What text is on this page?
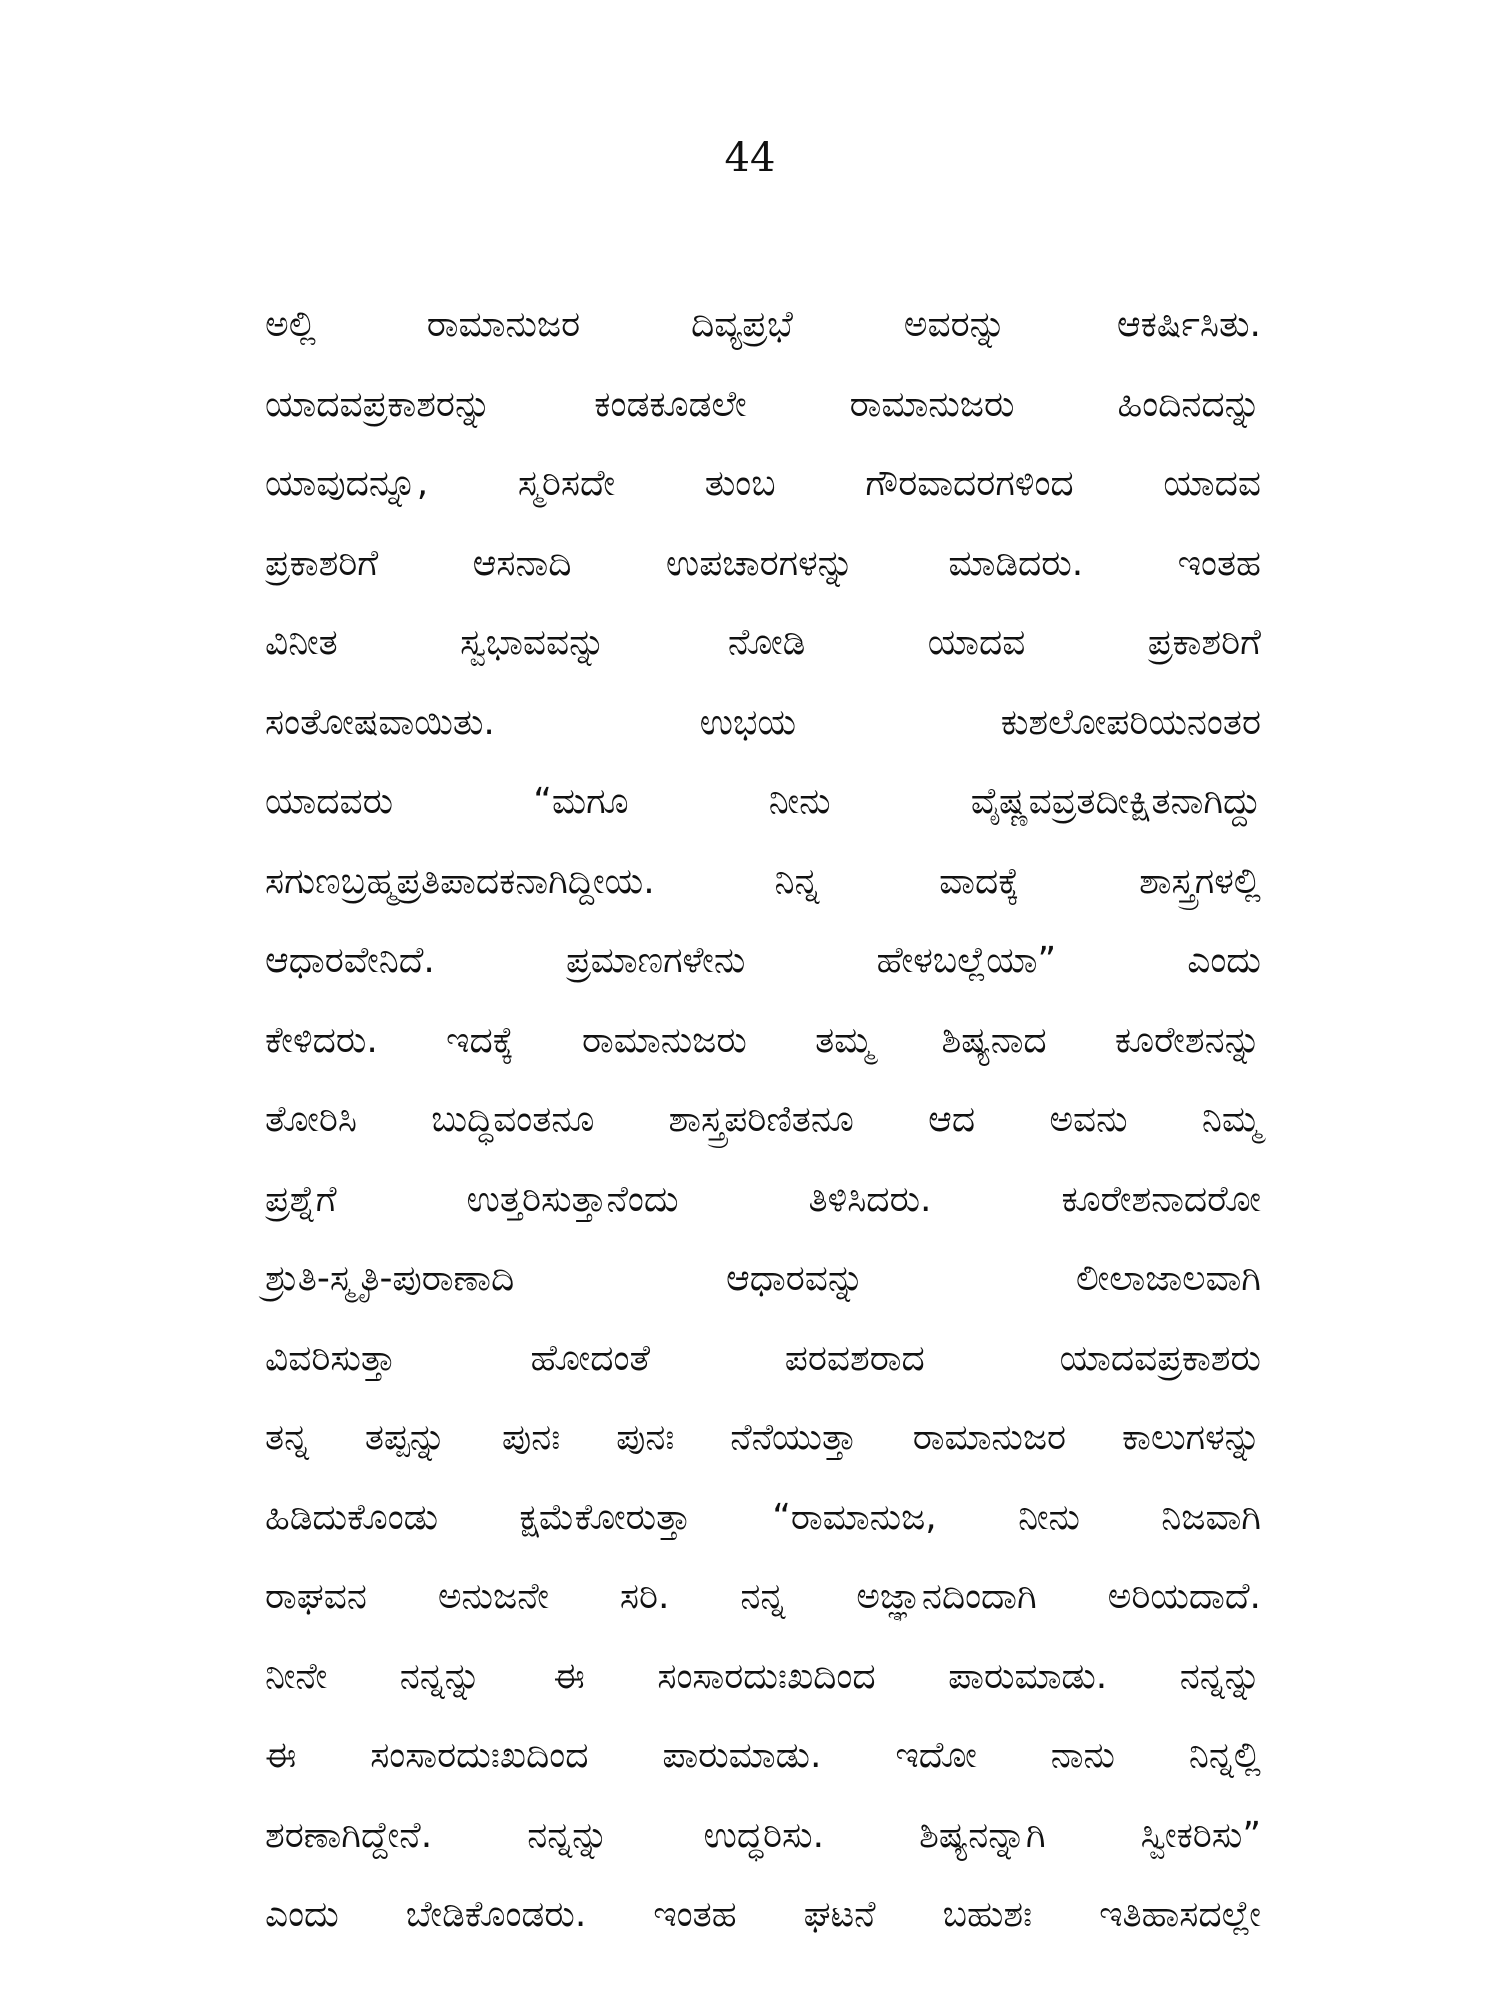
44
ಅಲ್ಲಿ ರಾಮಾನುಜರ ದಿವ್ಯಪ್ರಭೆ ಅವರನ್ನು ಆಕರ್ಷಿಸಿತು.
ಯಾದವಪ್ರಕಾಶರನ್ನು ಕಂಡಕೂಡಲೇ ರಾಮಾನುಜರು ಹಿಂದಿನದನ್ನು
ಯಾವುದನ್ನೂ, ಸ್ಮರಿಸದೇ ತುಂಬ ಗೌರವಾದರಗಳಿಂದ ಯಾದವ
ಪ್ರಕಾಶರಿಗೆ ಆಸನಾದಿ ಉಪಚಾರಗಳನ್ನು ಮಾಡಿದರು. ಇಂತಹ
ವಿನೀತ ಸ್ವಭಾವವನ್ನು ನೋಡಿ ಯಾದವ ಪ್ರಕಾಶರಿಗೆ
ಸಂತೋಷವಾಯಿತು. ಉಭಯ ಕುಶಲೋಪರಿಯನಂತರ
ಯಾದವರು “ಮಗೂ ನೀನು ವೈಷ್ಣವವ್ರತದೀಕ್ಷಿತನಾಗಿದ್ದು
ಸಗುಣಬ್ರಹ್ಮಪ್ರತಿಪಾದಕನಾಗಿದ್ದೀಯ. ನಿನ್ನ ವಾದಕ್ಕೆ ಶಾಸ್ತ್ರಗಳಲ್ಲಿ
ಆಧಾರವೇನಿದೆ. ಪ್ರಮಾಣಗಳೇನು ಹೇಳಬಲ್ಲೆಯಾ” ಎಂದು
ಕೇಳಿದರು. ಇದಕ್ಕೆ ರಾಮಾನುಜರು ತಮ್ಮ ಶಿಷ್ಯನಾದ ಕೂರೇಶನನ್ನು
ತೋರಿಸಿ ಬುದ್ಧಿವಂತನೂ ಶಾಸ್ತ್ರಪರಿಣಿತನೂ ಆದ ಅವನು ನಿಮ್ಮ
ಪ್ರಶ್ನೆಗೆ ಉತ್ತರಿಸುತ್ತಾನೆಂದು ತಿಳಿಸಿದರು. ಕೂರೇಶನಾದರೋ
ಶ್ರುತಿ-ಸ್ಮೃತಿ-ಪುರಾಣಾದಿ ಆಧಾರವನ್ನು ಲೀಲಾಜಾಲವಾಗಿ
ವಿವರಿಸುತ್ತಾ ಹೋದಂತೆ ಪರವಶರಾದ ಯಾದವಪ್ರಕಾಶರು
ತನ್ನ ತಪ್ಪನ್ನು ಪುನಃ ಪುನಃ ನೆನೆಯುತ್ತಾ ರಾಮಾನುಜರ ಕಾಲುಗಳನ್ನು
ಹಿಡಿದುಕೊಂಡು ಕ್ಷಮೆಕೋರುತ್ತಾ “ರಾಮಾನುಜ, ನೀನು ನಿಜವಾಗಿ
ರಾಘವನ ಅನುಜನೇ ಸರಿ. ನನ್ನ ಅಜ್ಞಾನದಿಂದಾಗಿ ಅರಿಯದಾದೆ.
ನೀನೇ ನನ್ನನ್ನು ಈ ಸಂಸಾರದುಃಖದಿಂದ ಪಾರುಮಾಡು. ನನ್ನನ್ನು
ಈ ಸಂಸಾರದುಃಖದಿಂದ ಪಾರುಮಾಡು. ಇದೋ ನಾನು ನಿನ್ನಲ್ಲಿ
ಶರಣಾಗಿದ್ದೇನೆ. ನನ್ನನ್ನು ಉದ್ಧರಿಸು. ಶಿಷ್ಯನನ್ನಾಗಿ ಸ್ವೀಕರಿಸು”
ಎಂದು ಬೇಡಿಕೊಂಡರು. ಇಂತಹ ಘಟನೆ ಬಹುಶಃ ಇತಿಹಾಸದಲ್ಲೇ
